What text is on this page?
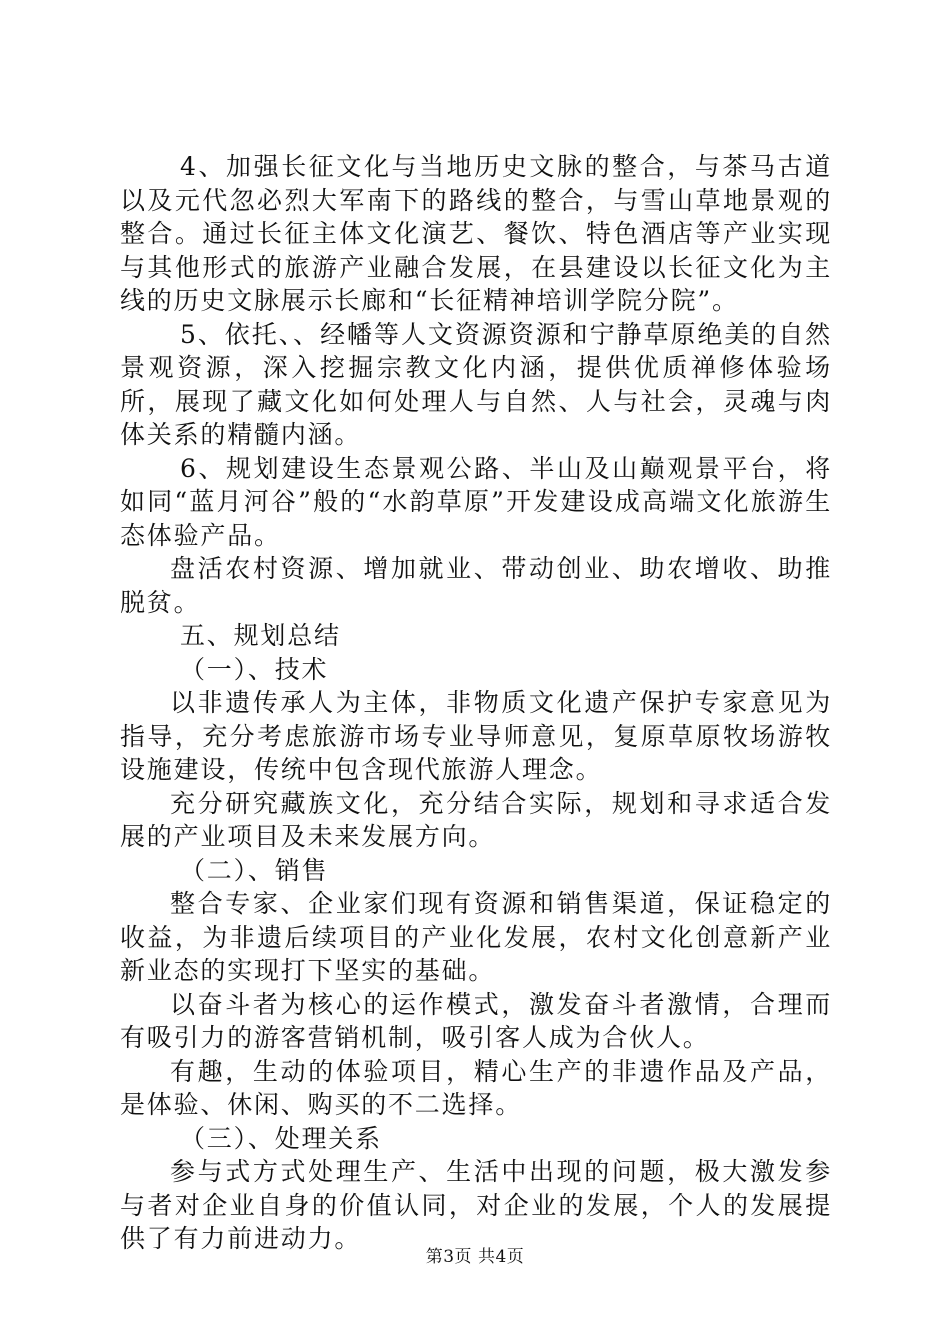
4、加强长征文化与当地历史文脉的整合，与茶马古道以及元代忽必烈大军南下的路线的整合，与雪山草地景观的整合。通过长征主体文化演艺、餐饮、特色酒店等产业实现与其他形式的旅游产业融合发展，在县建设以长征文化为主线的历史文脉展示长廊和“长征精神培训学院分院”。

5、依托、、经幡等人文资源资源和宁静草原绝美的自然景观资源，深入挖掘宗教文化内涵，提供优质禅修体验场所，展现了藏文化如何处理人与自然、人与社会，灵魂与肉体关系的精髓内涵。

6、规划建设生态景观公路、半山及山巅观景平台，将如同“蓝月河谷”般的“水韵草原”开发建设成高端文化旅游生态体验产品。

盘活农村资源、增加就业、带动创业、助农增收、助推脱贫。

五、规划总结

（一）、技术

以非遗传承人为主体，非物质文化遗产保护专家意见为指导，充分考虑旅游市场专业导师意见，复原草原牧场游牧设施建设，传统中包含现代旅游人理念。

充分研究藏族文化，充分结合实际，规划和寻求适合发展的产业项目及未来发展方向。

（二）、销售

整合专家、企业家们现有资源和销售渠道，保证稳定的收益，为非遗后续项目的产业化发展，农村文化创意新产业新业态的实现打下坚实的基础。

以奋斗者为核心的运作模式，激发奋斗者激情，合理而有吸引力的游客营销机制，吸引客人成为合伙人。

有趣，生动的体验项目，精心生产的非遗作品及产品，是体验、休闲、购买的不二选择。

（三）、处理关系

参与式方式处理生产、生活中出现的问题，极大激发参与者对企业自身的价值认同，对企业的发展，个人的发展提供了有力前进动力。

第3页 共4页
